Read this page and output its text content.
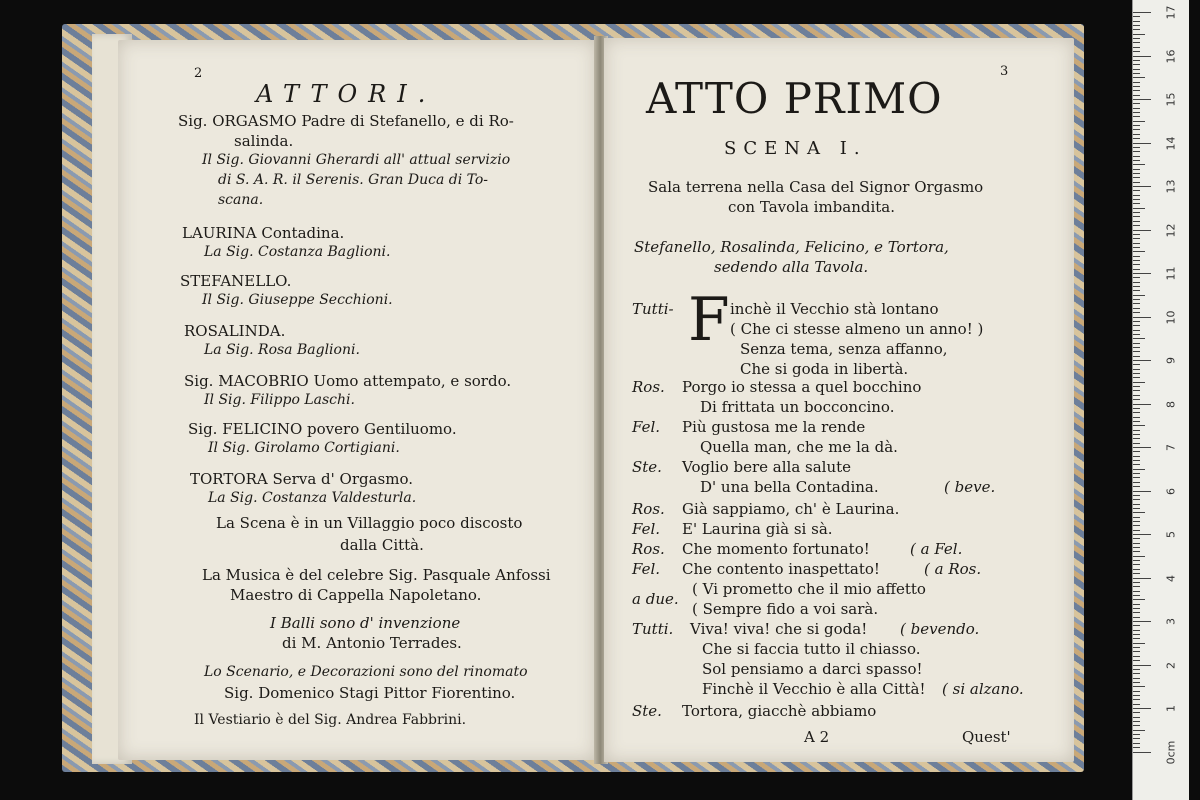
2
ATTORI.
Sig. ORGASMO Padre di Stefanello, e di Ro-
salinda.
Il Sig. Giovanni Gherardi all' attual servizio
di S. A. R. il Serenis. Gran Duca di To-
scana.
LAURINA Contadina.
La Sig. Costanza Baglioni.
STEFANELLO.
Il Sig. Giuseppe Secchioni.
ROSALINDA.
La Sig. Rosa Baglioni.
Sig. MACOBRIO Uomo attempato, e sordo.
Il Sig. Filippo Laschi.
Sig. FELICINO povero Gentiluomo.
Il Sig. Girolamo Cortigiani.
TORTORA Serva d' Orgasmo.
La Sig. Costanza Valdesturla.
La Scena è in un Villaggio poco discosto
dalla Città.
La Musica è del celebre Sig. Pasquale Anfossi
Maestro di Cappella Napoletano.
I Balli sono d' invenzione
di M. Antonio Terrades.
Lo Scenario, e Decorazioni sono del rinomato
Sig. Domenico Stagi Pittor Fiorentino.
Il Vestiario è del Sig. Andrea Fabbrini.
3
ATTO PRIMO
SCENA I.
Sala terrena nella Casa del Signor Orgasmo
con Tavola imbandita.
Stefanello, Rosalinda, Felicino, e Tortora,
sedendo alla Tavola.
Tutti- F inchè il Vecchio stà lontano
( Che ci stesse almeno un anno! )
Senza tema, senza affanno,
Che si goda in libertà.
Ros. Porgo io stessa a quel bocchino
Di frittata un bocconcino.
Fel. Più gustosa me la rende
Quella man, che me la dà.
Ste. Voglio bere alla salute
D' una bella Contadina.	( beve.
Ros. Già sappiamo, ch' è Laurina.
Fel. E' Laurina già si sà.
Ros. Che momento fortunato!	( a Fel.
Fel. Che contento inaspettato!	( a Ros.
a due.
( Vi prometto che il mio affetto
( Sempre fido a voi sarà.
Tutti. Viva! viva! che si goda! ( bevendo.
Che si faccia tutto il chiasso.
Sol pensiamo a darci spasso!
Finchè il Vecchio è alla Città! ( si alzano.
Ste. Tortora, giacchè abbiamo
A 2	Quest'
17
16
15
14
13
12
11
10
9
8
7
6
5
4
3
2
1
0cm
